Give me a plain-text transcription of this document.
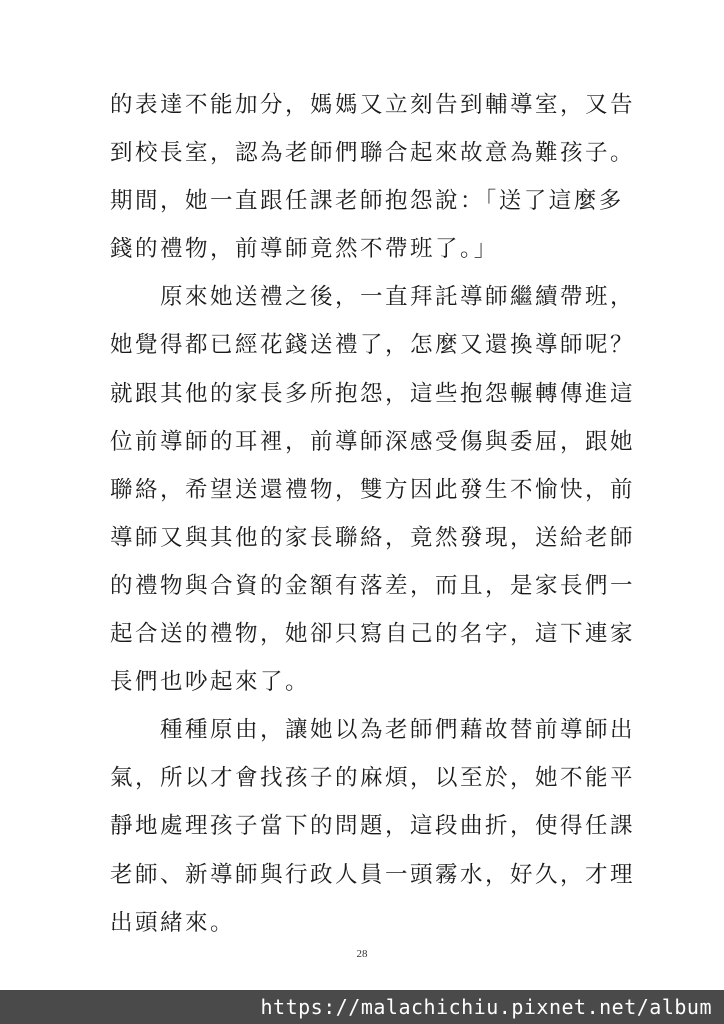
的表達不能加分，媽媽又立刻告到輔導室，又告
到校長室，認為老師們聯合起來故意為難孩子。
期間，她一直跟任課老師抱怨說：「送了這麼多
錢的禮物，前導師竟然不帶班了。」
　　原來她送禮之後，一直拜託導師繼續帶班，
她覺得都已經花錢送禮了，怎麼又還換導師呢？
就跟其他的家長多所抱怨，這些抱怨輾轉傳進這
位前導師的耳裡，前導師深感受傷與委屈，跟她
聯絡，希望送還禮物，雙方因此發生不愉快，前
導師又與其他的家長聯絡，竟然發現，送給老師
的禮物與合資的金額有落差，而且，是家長們一
起合送的禮物，她卻只寫自己的名字，這下連家
長們也吵起來了。
　　種種原由，讓她以為老師們藉故替前導師出
氣，所以才會找孩子的麻煩，以至於，她不能平
靜地處理孩子當下的問題，這段曲折，使得任課
老師、新導師與行政人員一頭霧水，好久，才理
出頭緒來。
28
https://malachichiu.pixnet.net/album
